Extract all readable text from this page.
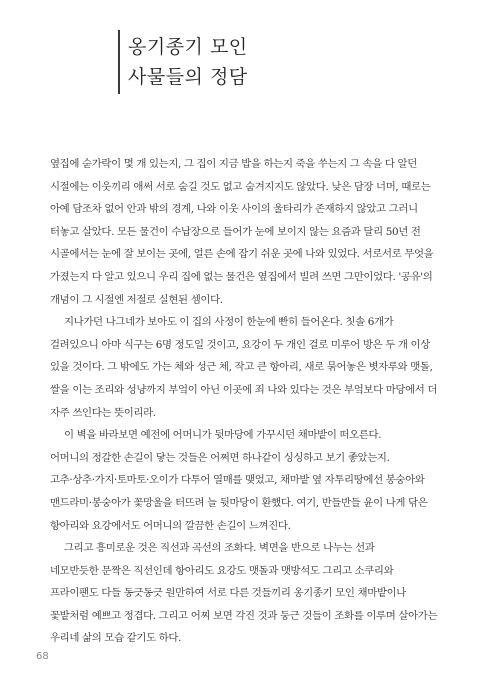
옹기종기 모인
사물들의 정담
옆집에 숟가락이 몇 개 있는지, 그 집이 지금 밥을 하는지 죽을 쑤는지 그 속을 다 알던
시절에는 이웃끼리 애써 서로 숨길 것도 없고 숨겨지지도 않았다. 낮은 담장 너머, 때로는
아예 담조차 없어 안과 밖의 경계, 나와 이웃 사이의 울타리가 존재하지 않았고 그러니
터놓고 살았다. 모든 물건이 수납장으로 들어가 눈에 보이지 않는 요즘과 달리 50년 전
시골에서는 눈에 잘 보이는 곳에, 얼른 손에 잡기 쉬운 곳에 나와 있었다. 서로서로 무엇을
가졌는지 다 알고 있으니 우리 집에 없는 물건은 옆집에서 빌려 쓰면 그만이었다. '공유'의
개념이 그 시절엔 저절로 실현된 셈이다.
지나가던 나그네가 보아도 이 집의 사정이 한눈에 빤히 들어온다. 칫솔 6개가
걸려있으니 아마 식구는 6명 정도일 것이고, 요강이 두 개인 걸로 미루어 방은 두 개 이상
있을 것이다. 그 밖에도 가는 체와 성근 체, 작고 큰 항아리, 새로 묶어놓은 볏자루와 맷돌,
쌀을 이는 조리와 성냥까지 부엌이 아닌 이곳에 죄 나와 있다는 것은 부엌보다 마당에서 더
자주 쓰인다는 뜻이리라.
이 벽을 바라보면 예전에 어머니가 뒷마당에 가꾸시던 채마밭이 떠오른다.
어머니의 정갈한 손길이 닿는 것들은 어쩌면 하나같이 싱싱하고 보기 좋았는지.
고추·상추·가지·토마토·오이가 다투어 열매를 맺었고, 채마밭 옆 자투리땅에선 봉숭아와
맨드라미·봉숭아가 꽃망울을 터뜨려 늘 뒷마당이 환했다. 여기, 반들반들 윤이 나게 닦은
항아리와 요강에서도 어머니의 깔끔한 손길이 느껴진다.
그리고 흥미로운 것은 직선과 곡선의 조화다. 벽면을 반으로 나누는 선과
네모반듯한 문짝은 직선인데 항아리도 요강도 맷돌과 맷방석도 그리고 소쿠리와
프라이팬도 다들 동긋동긋 원만하여 서로 다른 것들끼리 옹기종기 모인 채마밭이나
꽃밭처럼 예쁘고 정겹다. 그리고 어찌 보면 각진 것과 둥근 것들이 조화를 이루며 살아가는
우리네 삶의 모습 같기도 하다.
68
